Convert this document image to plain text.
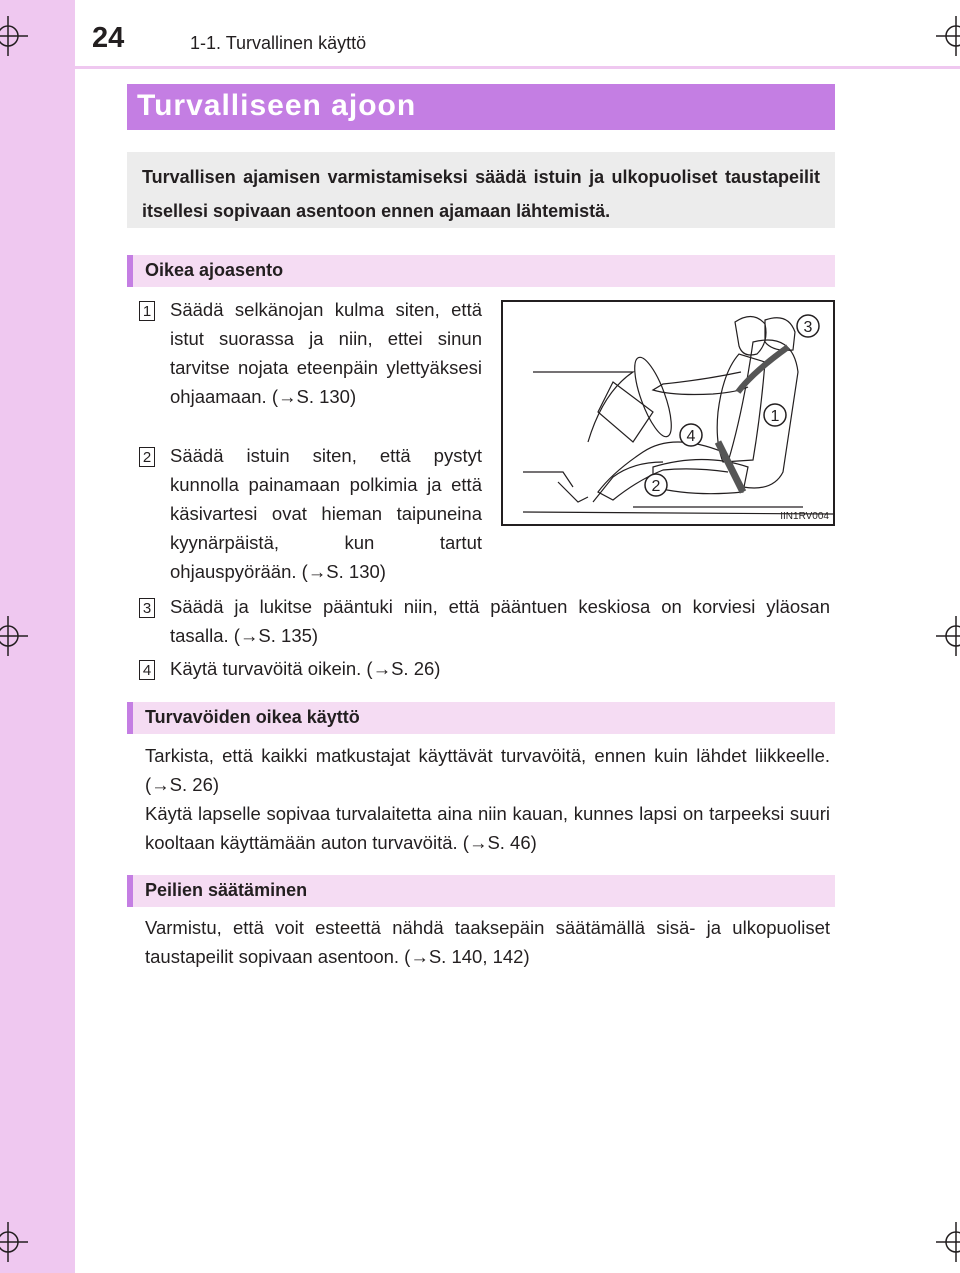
24	1-1. Turvallinen käyttö
Turvalliseen ajoon

Turvallisen ajamisen varmistamiseksi säädä istuin ja ulkopuoliset taustapeilit itsellesi sopivaan asentoon ennen ajamaan lähtemistä.

Oikea ajoasento
1 Säädä selkänojan kulma siten, että istut suorassa ja niin, ettei sinun tarvitse nojata eteenpäin ylettyäksesi ohjaamaan. (→S. 130)

2 Säädä istuin siten, että pystyt kunnolla painamaan polkimia ja että käsivartesi ovat hieman taipuneina kyynärpäistä, kun tartut ohjauspyörään. (→S. 130)

3 Säädä ja lukitse pääntuki niin, että pääntuen keskiosa on korviesi yläosan tasalla. (→S. 135)

4 Käytä turvavöitä oikein. (→S. 26)

3
1
4
2
IIN1RV004
Turvavöiden oikea käyttö

Tarkista, että kaikki matkustajat käyttävät turvavöitä, ennen kuin lähdet liikkeelle. (→S. 26)

Käytä lapselle sopivaa turvalaitetta aina niin kauan, kunnes lapsi on tarpeeksi suuri kooltaan käyttämään auton turvavöitä. (→S. 46)

Peilien säätäminen

Varmistu, että voit esteettä nähdä taaksepäin säätämällä sisä- ja ulkopuoliset taustapeilit sopivaan asentoon. (→S. 140, 142)
